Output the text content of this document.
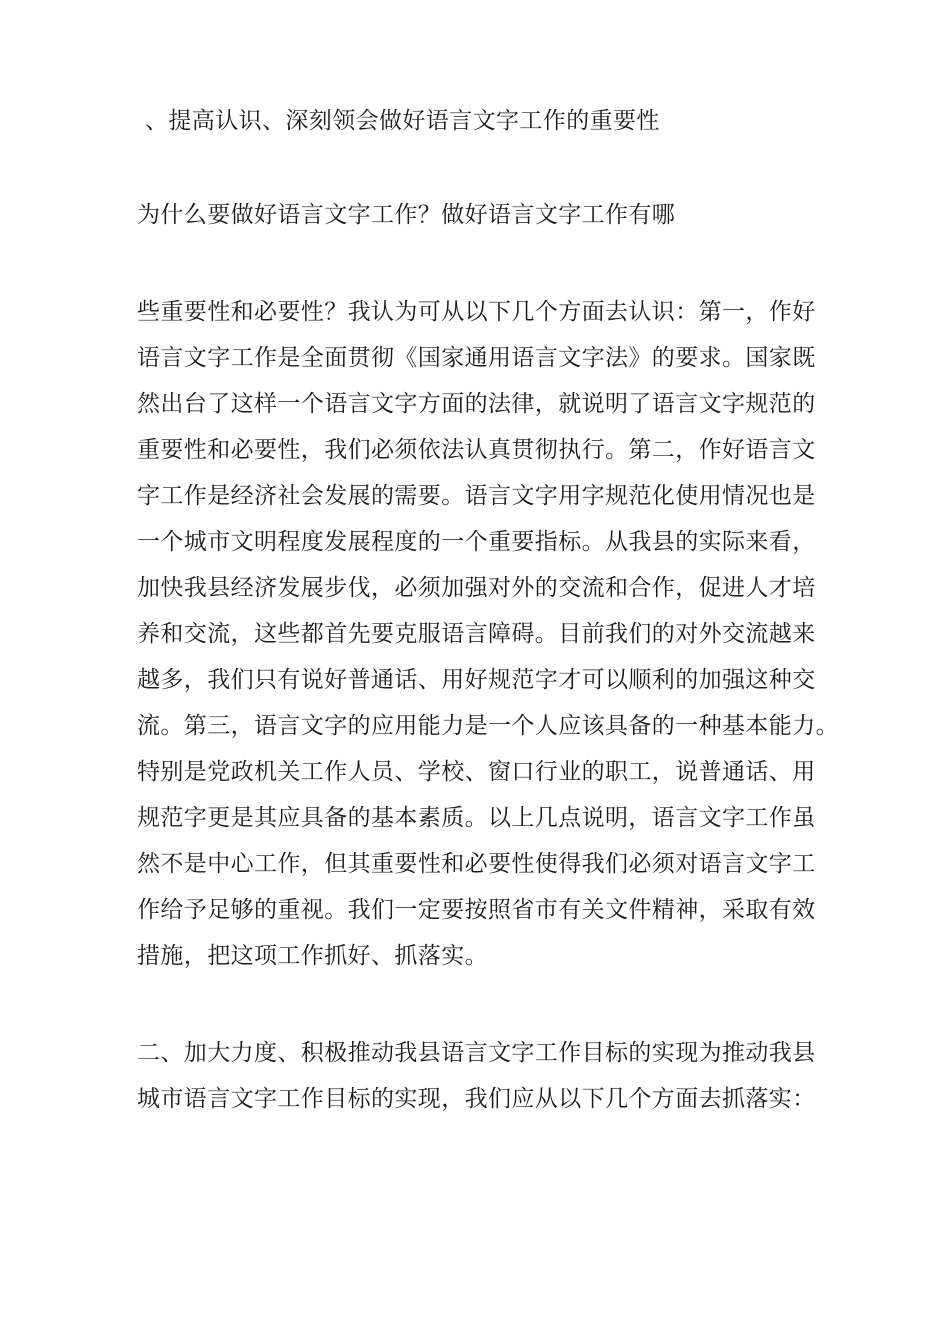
、提高认识、深刻领会做好语言文字工作的重要性
为什么要做好语言文字工作？做好语言文字工作有哪
些重要性和必要性？我认为可从以下几个方面去认识：第一，作好
语言文字工作是全面贯彻《国家通用语言文字法》的要求。国家既
然出台了这样一个语言文字方面的法律，就说明了语言文字规范的
重要性和必要性，我们必须依法认真贯彻执行。第二，作好语言文
字工作是经济社会发展的需要。语言文字用字规范化使用情况也是
一个城市文明程度发展程度的一个重要指标。从我县的实际来看，
加快我县经济发展步伐，必须加强对外的交流和合作，促进人才培
养和交流，这些都首先要克服语言障碍。目前我们的对外交流越来
越多，我们只有说好普通话、用好规范字才可以顺利的加强这种交
流。第三，语言文字的应用能力是一个人应该具备的一种基本能力。
特别是党政机关工作人员、学校、窗口行业的职工，说普通话、用
规范字更是其应具备的基本素质。以上几点说明，语言文字工作虽
然不是中心工作，但其重要性和必要性使得我们必须对语言文字工
作给予足够的重视。我们一定要按照省市有关文件精神，采取有效
措施，把这项工作抓好、抓落实。
二、加大力度、积极推动我县语言文字工作目标的实现为推动我县
城市语言文字工作目标的实现，我们应从以下几个方面去抓落实：
